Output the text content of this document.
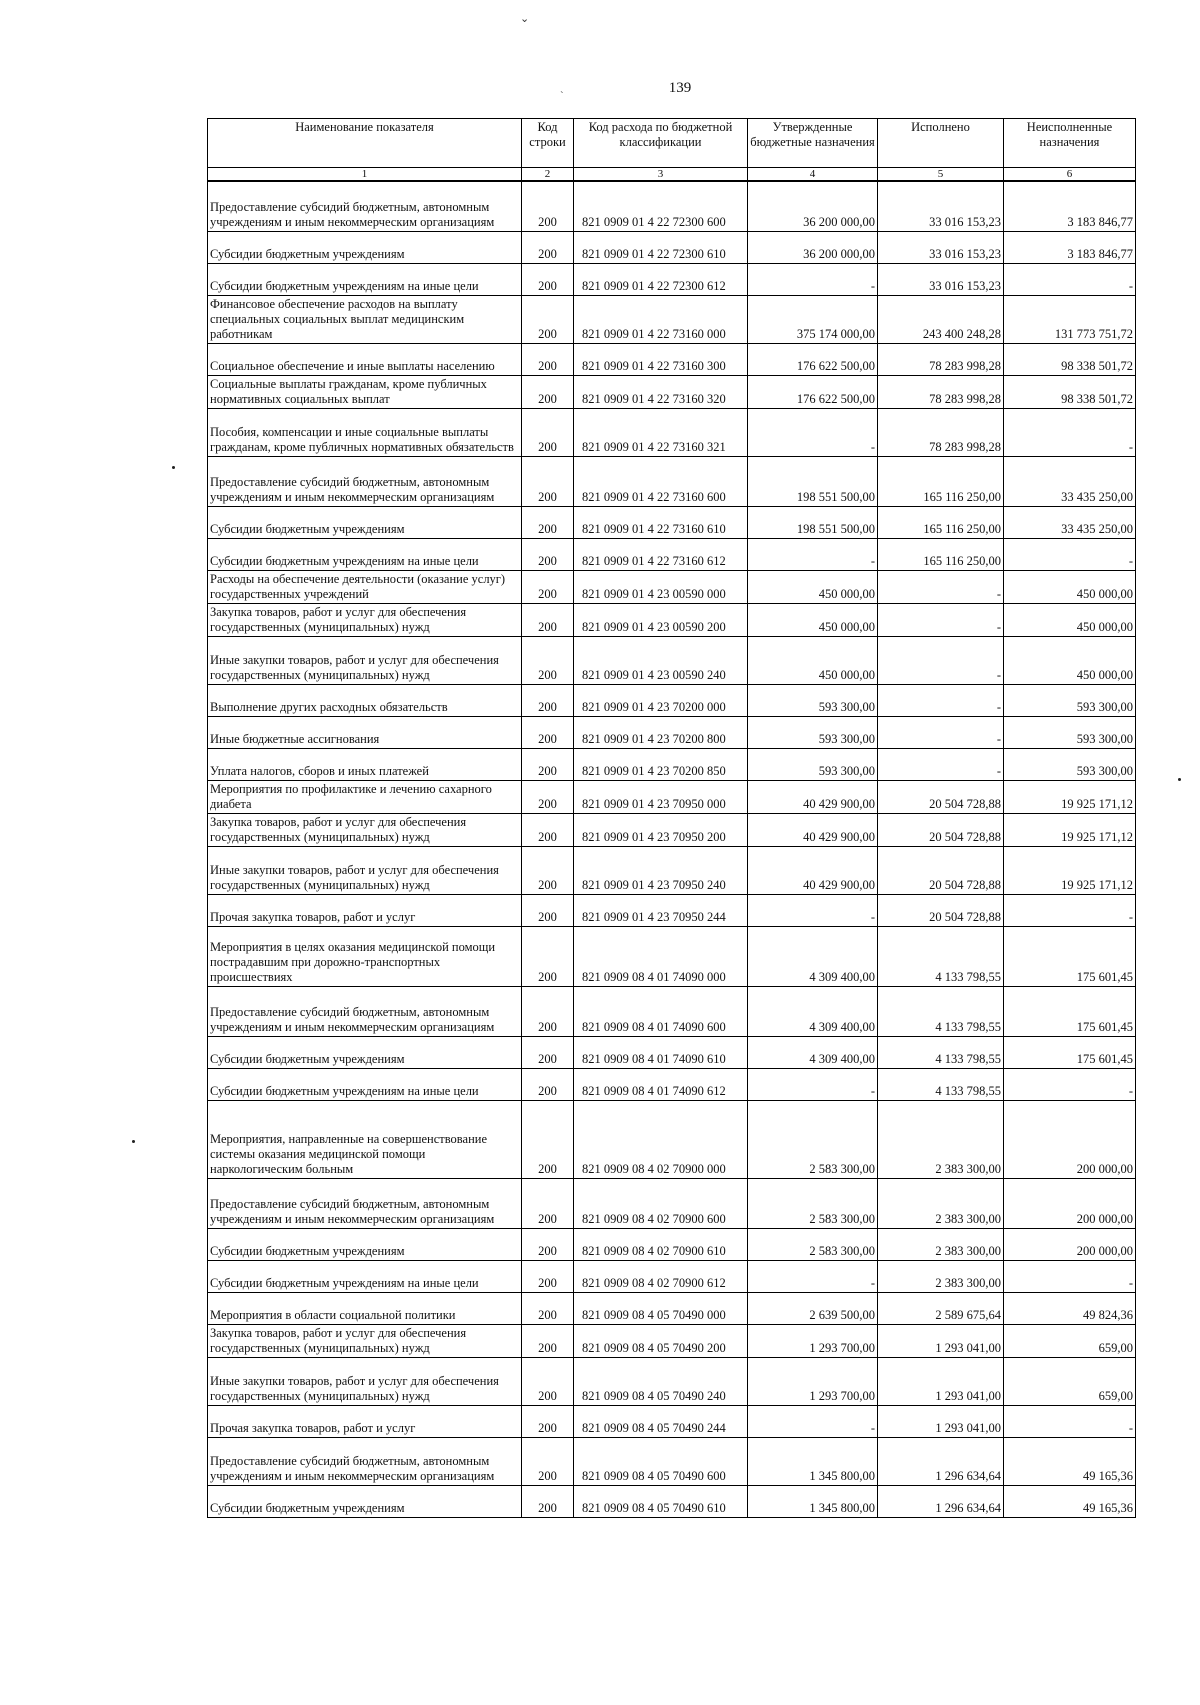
139
⌄
`
Наименование показателя	Код строки	Код расхода по бюджетной классификации	Утвержденные бюджетные назначения	Исполнено	Неисполненные назначения
1	2	3	4	5	6
Предоставление субсидий бюджетным, автономным учреждениям и иным некоммерческим организациям	200	821 0909 01 4 22 72300 600	36 200 000,00	33 016 153,23	3 183 846,77
Субсидии бюджетным учреждениям	200	821 0909 01 4 22 72300 610	36 200 000,00	33 016 153,23	3 183 846,77
Субсидии бюджетным учреждениям на иные цели	200	821 0909 01 4 22 72300 612	-	33 016 153,23	-
Финансовое обеспечение расходов на выплату специальных социальных выплат медицинским работникам	200	821 0909 01 4 22 73160 000	375 174 000,00	243 400 248,28	131 773 751,72
Социальное обеспечение и иные выплаты населению	200	821 0909 01 4 22 73160 300	176 622 500,00	78 283 998,28	98 338 501,72
Социальные выплаты гражданам, кроме публичных нормативных социальных выплат	200	821 0909 01 4 22 73160 320	176 622 500,00	78 283 998,28	98 338 501,72
Пособия, компенсации и иные социальные выплаты гражданам, кроме публичных нормативных обязательств	200	821 0909 01 4 22 73160 321	-	78 283 998,28	-
Предоставление субсидий бюджетным, автономным учреждениям и иным некоммерческим организациям	200	821 0909 01 4 22 73160 600	198 551 500,00	165 116 250,00	33 435 250,00
Субсидии бюджетным учреждениям	200	821 0909 01 4 22 73160 610	198 551 500,00	165 116 250,00	33 435 250,00
Субсидии бюджетным учреждениям на иные цели	200	821 0909 01 4 22 73160 612	-	165 116 250,00	-
Расходы на обеспечение деятельности (оказание услуг) государственных учреждений	200	821 0909 01 4 23 00590 000	450 000,00	-	450 000,00
Закупка товаров, работ и услуг для обеспечения государственных (муниципальных) нужд	200	821 0909 01 4 23 00590 200	450 000,00	-	450 000,00
Иные закупки товаров, работ и услуг для обеспечения государственных (муниципальных) нужд	200	821 0909 01 4 23 00590 240	450 000,00	-	450 000,00
Выполнение других расходных обязательств	200	821 0909 01 4 23 70200 000	593 300,00	-	593 300,00
Иные бюджетные ассигнования	200	821 0909 01 4 23 70200 800	593 300,00	-	593 300,00
Уплата налогов, сборов и иных платежей	200	821 0909 01 4 23 70200 850	593 300,00	-	593 300,00
Мероприятия по профилактике и лечению сахарного диабета	200	821 0909 01 4 23 70950 000	40 429 900,00	20 504 728,88	19 925 171,12
Закупка товаров, работ и услуг для обеспечения государственных (муниципальных) нужд	200	821 0909 01 4 23 70950 200	40 429 900,00	20 504 728,88	19 925 171,12
Иные закупки товаров, работ и услуг для обеспечения государственных (муниципальных) нужд	200	821 0909 01 4 23 70950 240	40 429 900,00	20 504 728,88	19 925 171,12
Прочая закупка товаров, работ и услуг	200	821 0909 01 4 23 70950 244	-	20 504 728,88	-
Мероприятия в целях оказания медицинской помощи пострадавшим при дорожно-транспортных происшествиях	200	821 0909 08 4 01 74090 000	4 309 400,00	4 133 798,55	175 601,45
Предоставление субсидий бюджетным, автономным учреждениям и иным некоммерческим организациям	200	821 0909 08 4 01 74090 600	4 309 400,00	4 133 798,55	175 601,45
Субсидии бюджетным учреждениям	200	821 0909 08 4 01 74090 610	4 309 400,00	4 133 798,55	175 601,45
Субсидии бюджетным учреждениям на иные цели	200	821 0909 08 4 01 74090 612	-	4 133 798,55	-
Мероприятия, направленные на совершенствование системы оказания медицинской помощи наркологическим больным	200	821 0909 08 4 02 70900 000	2 583 300,00	2 383 300,00	200 000,00
Предоставление субсидий бюджетным, автономным учреждениям и иным некоммерческим организациям	200	821 0909 08 4 02 70900 600	2 583 300,00	2 383 300,00	200 000,00
Субсидии бюджетным учреждениям	200	821 0909 08 4 02 70900 610	2 583 300,00	2 383 300,00	200 000,00
Субсидии бюджетным учреждениям на иные цели	200	821 0909 08 4 02 70900 612	-	2 383 300,00	-
Мероприятия в области социальной политики	200	821 0909 08 4 05 70490 000	2 639 500,00	2 589 675,64	49 824,36
Закупка товаров, работ и услуг для обеспечения государственных (муниципальных) нужд	200	821 0909 08 4 05 70490 200	1 293 700,00	1 293 041,00	659,00
Иные закупки товаров, работ и услуг для обеспечения государственных (муниципальных) нужд	200	821 0909 08 4 05 70490 240	1 293 700,00	1 293 041,00	659,00
Прочая закупка товаров, работ и услуг	200	821 0909 08 4 05 70490 244	-	1 293 041,00	-
Предоставление субсидий бюджетным, автономным учреждениям и иным некоммерческим организациям	200	821 0909 08 4 05 70490 600	1 345 800,00	1 296 634,64	49 165,36
Субсидии бюджетным учреждениям	200	821 0909 08 4 05 70490 610	1 345 800,00	1 296 634,64	49 165,36
